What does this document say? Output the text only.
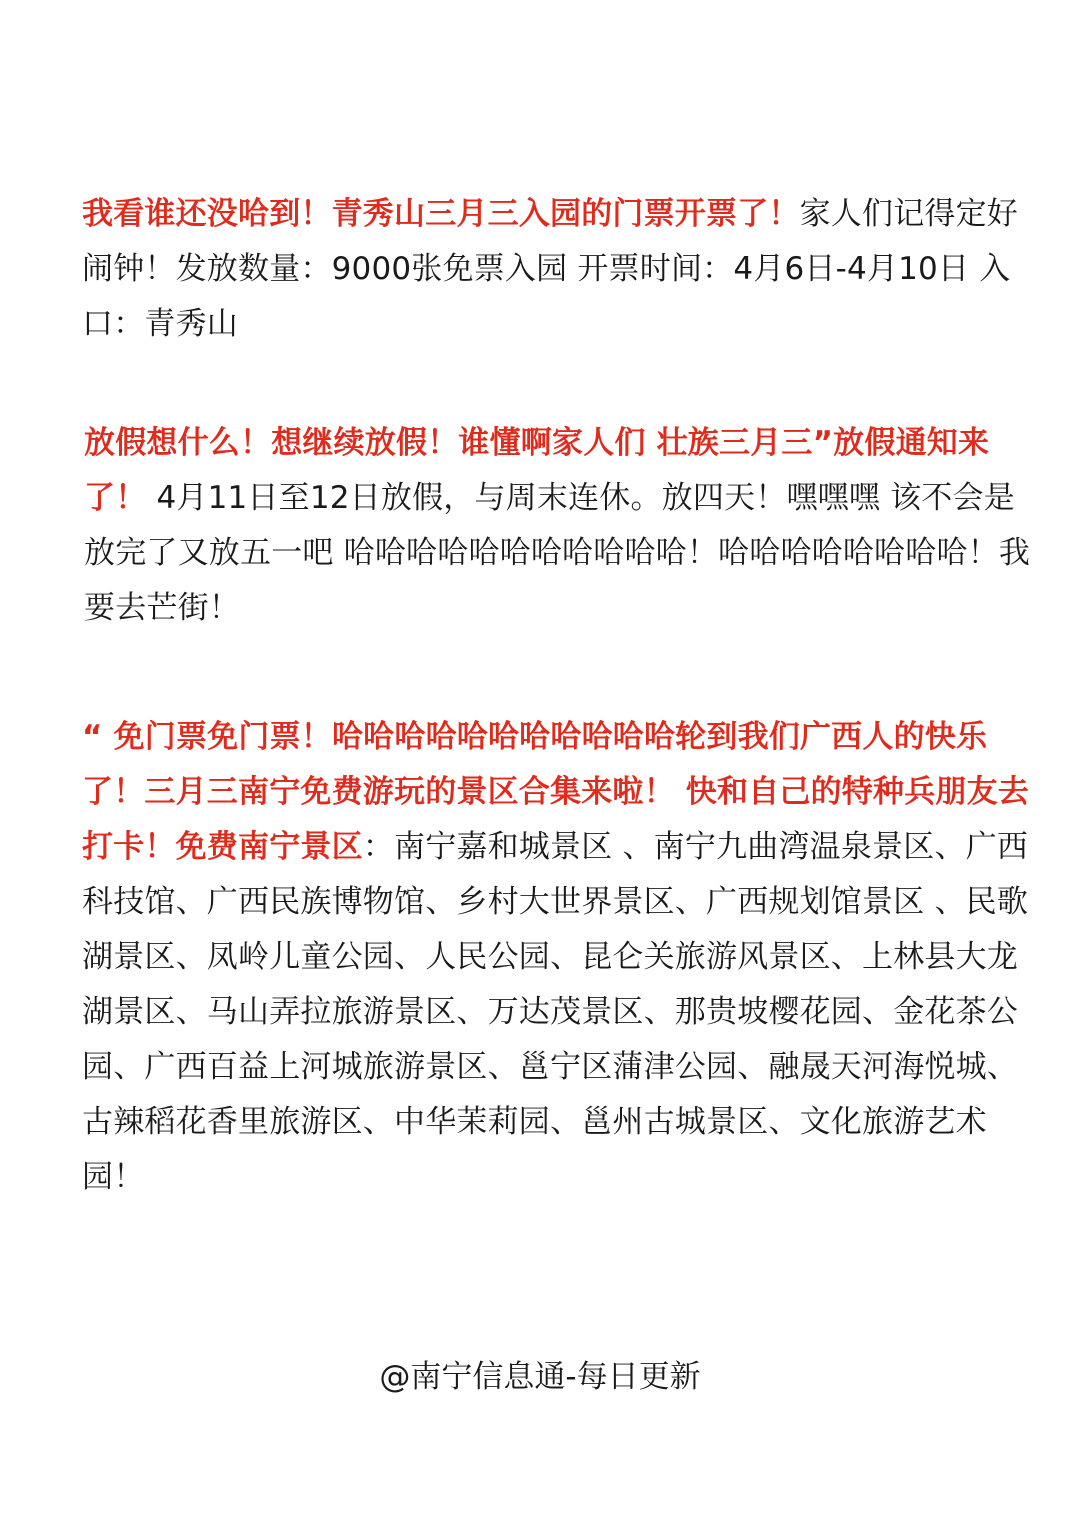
我看谁还没哈到！青秀山三月三入园的门票开票了！家人们记得定好闹钟！发放数量：9000张免票入园 开票时间：4月6日-4月10日 入口：青秀山

放假想什么！想继续放假！谁懂啊家人们 壮族三月三”放假通知来了！ 4月11日至12日放假，与周末连休。放四天！嘿嘿嘿 该不会是放完了又放五一吧 哈哈哈哈哈哈哈哈哈哈哈！哈哈哈哈哈哈哈哈！我要去芒街！

“ 免门票免门票！哈哈哈哈哈哈哈哈哈哈哈轮到我们广西人的快乐了！三月三南宁免费游玩的景区合集来啦！ 快和自己的特种兵朋友去打卡！免费南宁景区：南宁嘉和城景区 、南宁九曲湾温泉景区、广西科技馆、广西民族博物馆、乡村大世界景区、广西规划馆景区 、民歌湖景区、凤岭儿童公园、人民公园、昆仑关旅游风景区、上林县大龙湖景区、马山弄拉旅游景区、万达茂景区、那贵坡樱花园、金花茶公园、广西百益上河城旅游景区、邕宁区蒲津公园、融晟天河海悦城、古辣稻花香里旅游区、中华茉莉园、邕州古城景区、文化旅游艺术园！

@南宁信息通-每日更新
